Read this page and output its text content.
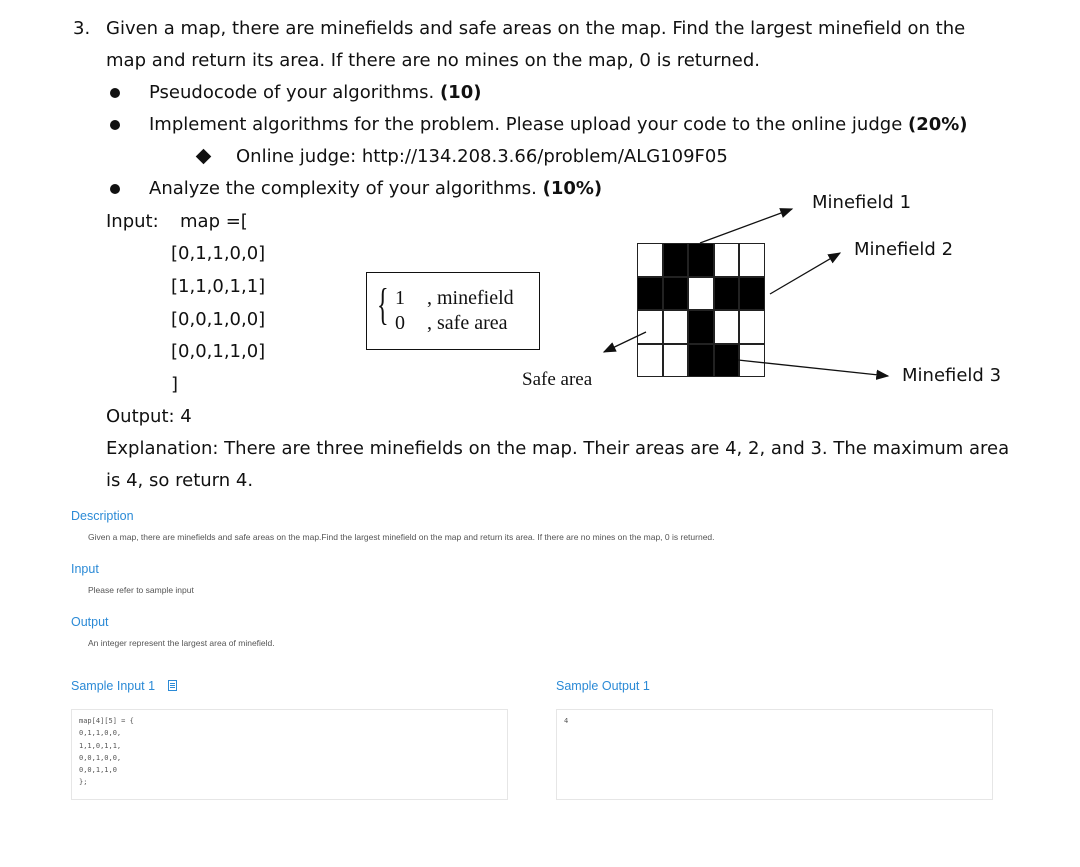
3. Given a map, there are minefields and safe areas on the map. Find the largest minefield on the
map and return its area. If there are no mines on the map, 0 is returned.
Pseudocode of your algorithms. (10)
Implement algorithms for the problem. Please upload your code to the online judge (20%)
Online judge: http://134.208.3.66/problem/ALG109F05
Analyze the complexity of your algorithms. (10%)
Input: map =[
[0,1,1,0,0]
[1,1,0,1,1]
[0,0,1,0,0]
[0,0,1,1,0]
]
Output: 4
Explanation: There are three minefields on the map. Their areas are 4, 2, and 3. The maximum area
is 4, so return 4.
{ 1 , minefield
0 , safe area
Minefield 1
Minefield 2
Minefield 3
Safe area
Description
Given a map, there are minefields and safe areas on the map.Find the largest minefield on the map and return its area. If there are no mines on the map, 0 is returned.
Input
Please refer to sample input
Output
An integer represent the largest area of minefield.
Sample Input 1	Sample Output 1
map[4][5] = {
0,1,1,0,0,
1,1,0,1,1,
0,0,1,0,0,
0,0,1,1,0
};
4
